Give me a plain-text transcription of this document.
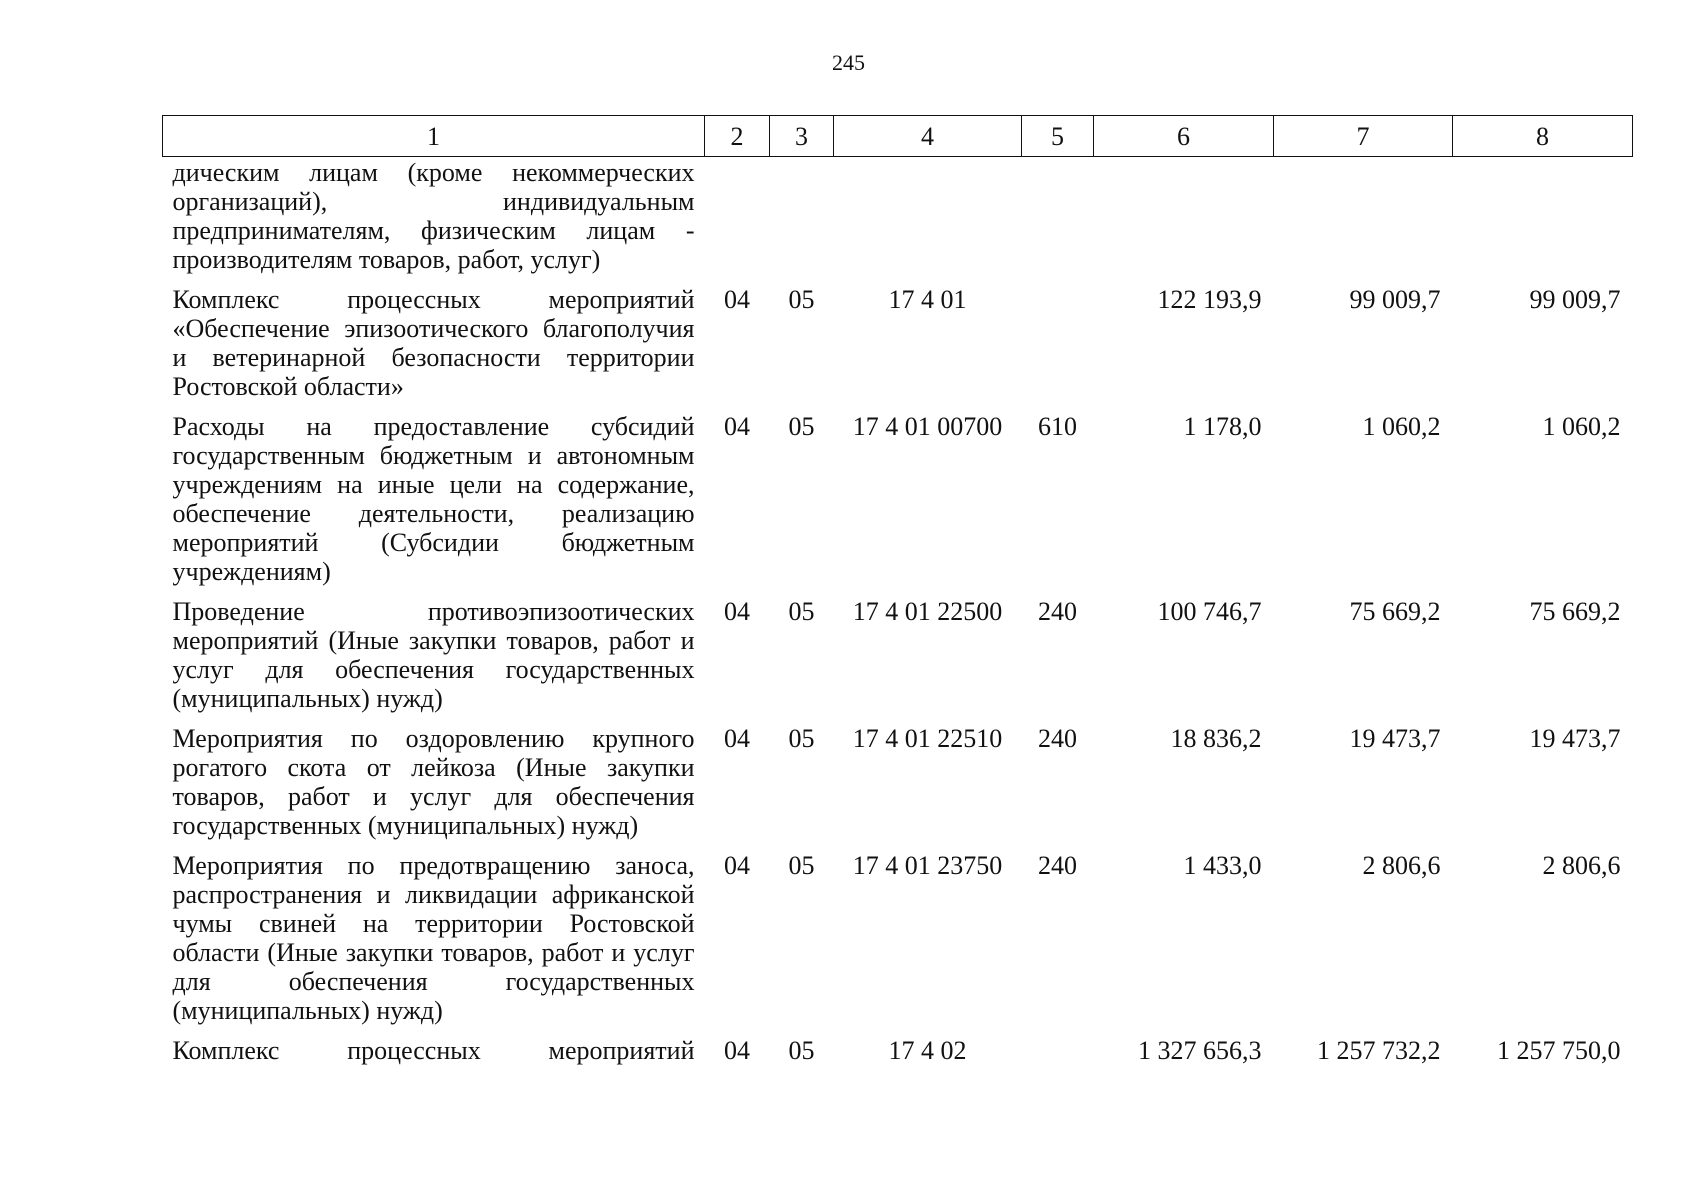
245
1	2	3	4	5	6	7	8
дическим лицам (кроме некоммерческих организаций), индивидуальным предпринимателям, физическим лицам - производителям товаров, работ, услуг)							
Комплекс процессных мероприятий «Обеспечение эпизоотического благополучия и ветеринарной безопасности территории Ростовской области»	04	05	17 4 01		122 193,9	99 009,7	99 009,7
Расходы на предоставление субсидий государственным бюджетным и автономным учреждениям на иные цели на содержание, обеспечение деятельности, реализацию мероприятий (Субсидии бюджетным учреждениям)	04	05	17 4 01 00700	610	1 178,0	1 060,2	1 060,2
Проведение противоэпизоотических мероприятий (Иные закупки товаров, работ и услуг для обеспечения государственных (муниципальных) нужд)	04	05	17 4 01 22500	240	100 746,7	75 669,2	75 669,2
Мероприятия по оздоровлению крупного рогатого скота от лейкоза (Иные закупки товаров, работ и услуг для обеспечения государственных (муниципальных) нужд)	04	05	17 4 01 22510	240	18 836,2	19 473,7	19 473,7
Мероприятия по предотвращению заноса, распространения и ликвидации африканской чумы свиней на территории Ростовской области (Иные закупки товаров, работ и услуг для обеспечения государственных (муниципальных) нужд)	04	05	17 4 01 23750	240	1 433,0	2 806,6	2 806,6
Комплекс процессных мероприятий	04	05	17 4 02		1 327 656,3	1 257 732,2	1 257 750,0
